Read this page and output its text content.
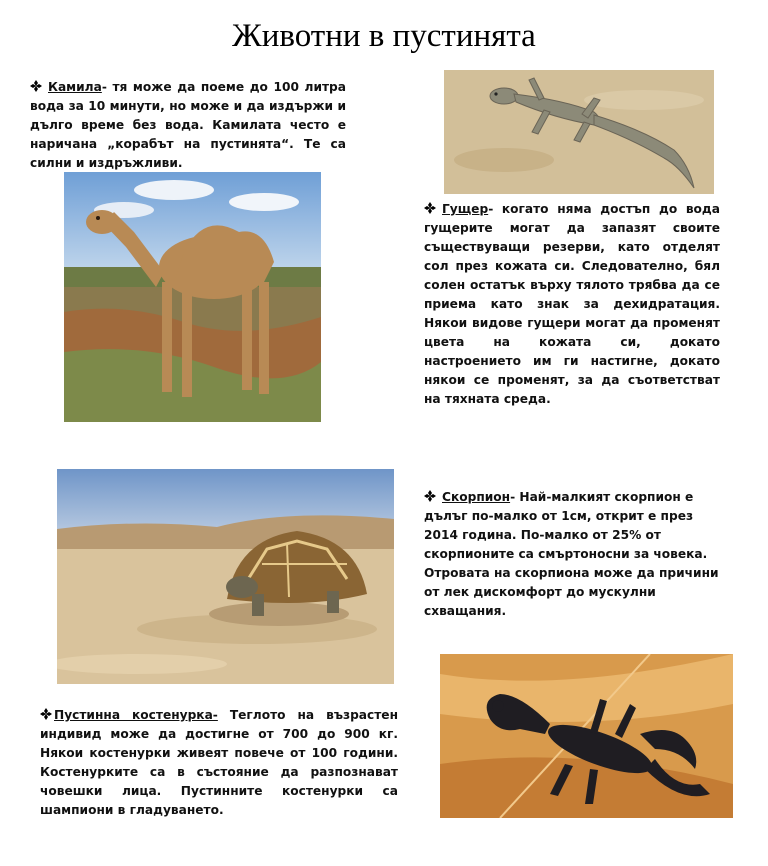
Животни в пустинята
Камила- тя може да поеме до 100 литра вода за 10 минути, но може и да издържи и дълго време без вода. Камилата често е наричана „корабът на пустинята“. Те са силни и издръжливи.
Гущер- когато няма достъп до вода гущерите могат да запазят своите съществуващи резерви, като отделят сол през кожата си. Следователно, бял солен остатък върху тялото трябва да се приема като знак за дехидратация. Някои видове гущери могат да променят цвета на кожата си, докато настроението им ги настигне, докато някои се променят, за да съответстват на тяхната среда.
Скорпион- Най-малкият скорпион е дълъг по-малко от 1см, открит е през 2014 година. По-малко от 25% от скорпионите са смъртоносни за човека. Отровата на скорпиона може да причини от лек дискомфорт до мускулни схващания.
Пустинна костенурка- Теглото на възрастен индивид може да достигне от 700 до 900 кг. Някои костенурки живеят повече от 100 години. Костенурките са в състояние да разпознават човешки лица. Пустинните костенурки са шампиони в гладуването.
